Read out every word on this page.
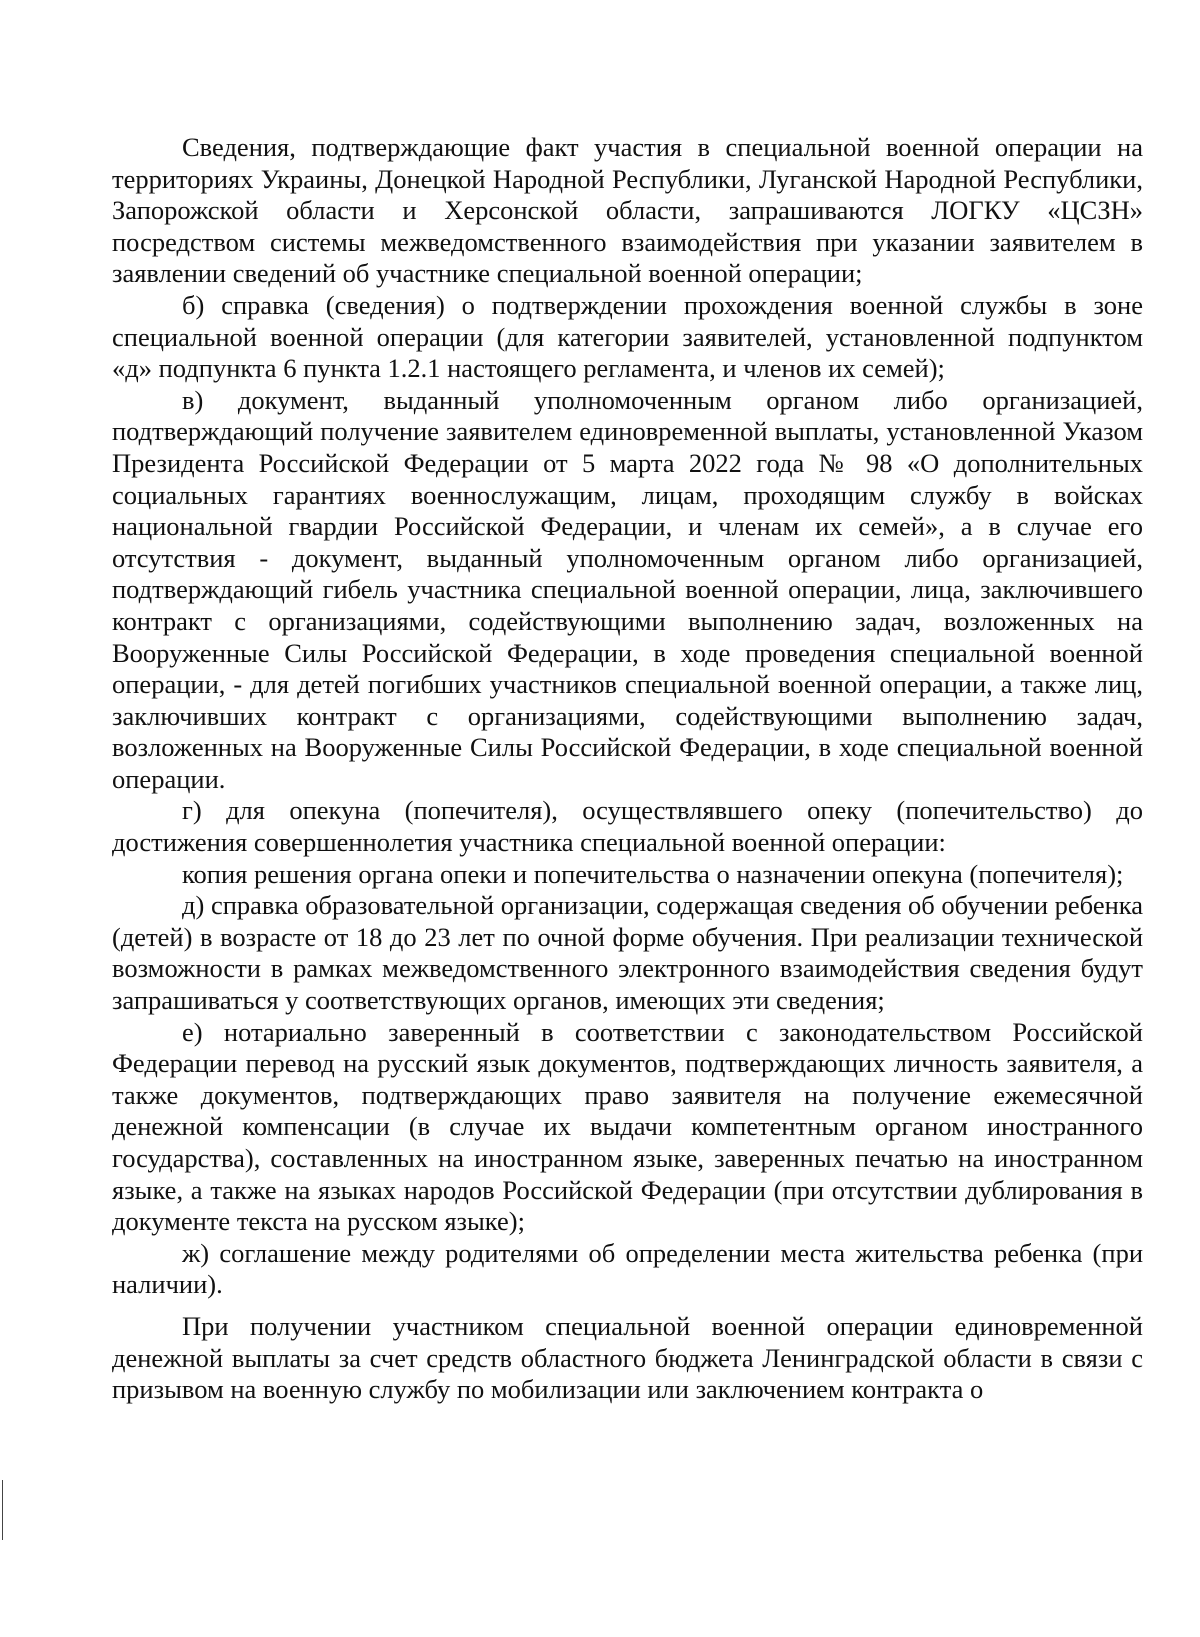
Сведения, подтверждающие факт участия в специальной военной операции на территориях Украины, Донецкой Народной Республики, Луганской Народной Республики, Запорожской области и Херсонской области, запрашиваются ЛОГКУ «ЦСЗН» посредством системы межведомственного взаимодействия при указании заявителем в заявлении сведений об участнике специальной военной операции;

б) справка (сведения) о подтверждении прохождения военной службы в зоне специальной военной операции (для категории заявителей, установленной подпунктом «д» подпункта 6 пункта 1.2.1 настоящего регламента, и членов их семей);

в) документ, выданный уполномоченным органом либо организацией, подтверждающий получение заявителем единовременной выплаты, установленной Указом Президента Российской Федерации от 5 марта 2022 года № 98 «О дополнительных социальных гарантиях военнослужащим, лицам, проходящим службу в войсках национальной гвардии Российской Федерации, и членам их семей», а в случае его отсутствия - документ, выданный уполномоченным органом либо организацией, подтверждающий гибель участника специальной военной операции, лица, заключившего контракт с организациями, содействующими выполнению задач, возложенных на Вооруженные Силы Российской Федерации, в ходе проведения специальной военной операции, - для детей погибших участников специальной военной операции, а также лиц, заключивших контракт с организациями, содействующими выполнению задач, возложенных на Вооруженные Силы Российской Федерации, в ходе специальной военной операции.

г) для опекуна (попечителя), осуществлявшего опеку (попечительство) до достижения совершеннолетия участника специальной военной операции:

копия решения органа опеки и попечительства о назначении опекуна (попечителя);

д) справка образовательной организации, содержащая сведения об обучении ребенка (детей) в возрасте от 18 до 23 лет по очной форме обучения. При реализации технической возможности в рамках межведомственного электронного взаимодействия сведения будут запрашиваться у соответствующих органов, имеющих эти сведения;

е) нотариально заверенный в соответствии с законодательством Российской Федерации перевод на русский язык документов, подтверждающих личность заявителя, а также документов, подтверждающих право заявителя на получение ежемесячной денежной компенсации (в случае их выдачи компетентным органом иностранного государства), составленных на иностранном языке, заверенных печатью на иностранном языке, а также на языках народов Российской Федерации (при отсутствии дублирования в документе текста на русском языке);

ж) соглашение между родителями об определении места жительства ребенка (при наличии).

При получении участником специальной военной операции единовременной денежной выплаты за счет средств областного бюджета Ленинградской области в связи с призывом на военную службу по мобилизации или заключением контракта о
